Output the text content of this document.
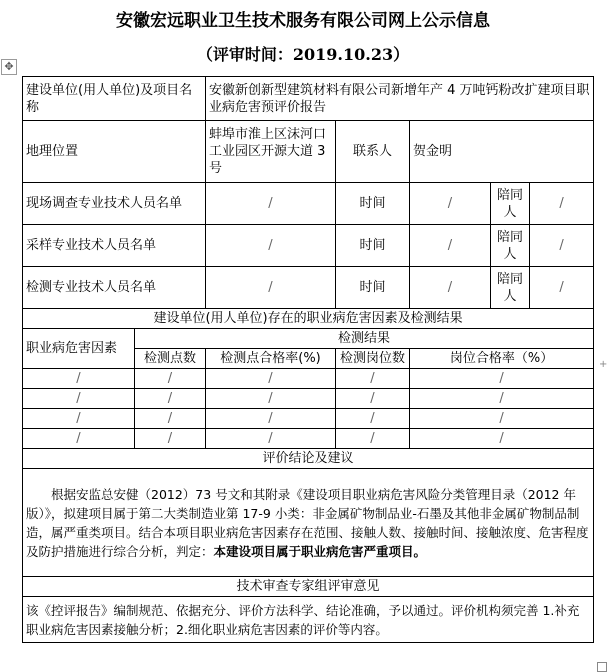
安徽宏远职业卫生技术服务有限公司网上公示信息
（评审时间：2019.10.23）
✥
+
建设单位(用人单位)及项目名称		安徽新创新型建筑材料有限公司新增年产 4 万吨钙粉改扩建项目职业病危害预评价报告				
地理位置		蚌埠市淮上区沫河口工业园区开源大道 3 号	联系人	贺金明		
现场调查专业技术人员名单		/	时间	/	陪同人	/
采样专业技术人员名单		/	时间	/	陪同人	/
检测专业技术人员名单		/	时间	/	陪同人	/
建设单位(用人单位)存在的职业病危害因素及检测结果						
职业病危害因素	检测结果					
	检测点数	检测点合格率(%)	检测岗位数	岗位合格率（%）		
/	/	/	/	/		
/	/	/	/	/		
/	/	/	/	/		
/	/	/	/	/		
评价结论及建议						
根据安监总安健（2012）73 号文和其附录《建设项目职业病危害风险分类管理目录（2012 年版）》，拟建项目属于第二大类制造业第 17-9 小类：非金属矿物制品业-石墨及其他非金属矿物制品制造，属严重类项目。结合本项目职业病危害因素存在范围、接触人数、接触时间、接触浓度、危害程度及防护措施进行综合分析，判定：本建设项目属于职业病危害严重项目。						
技术审查专家组评审意见						
该《控评报告》编制规范、依据充分、评价方法科学、结论准确，予以通过。评价机构须完善 1.补充职业病危害因素接触分析；2.细化职业病危害因素的评价等内容。						
